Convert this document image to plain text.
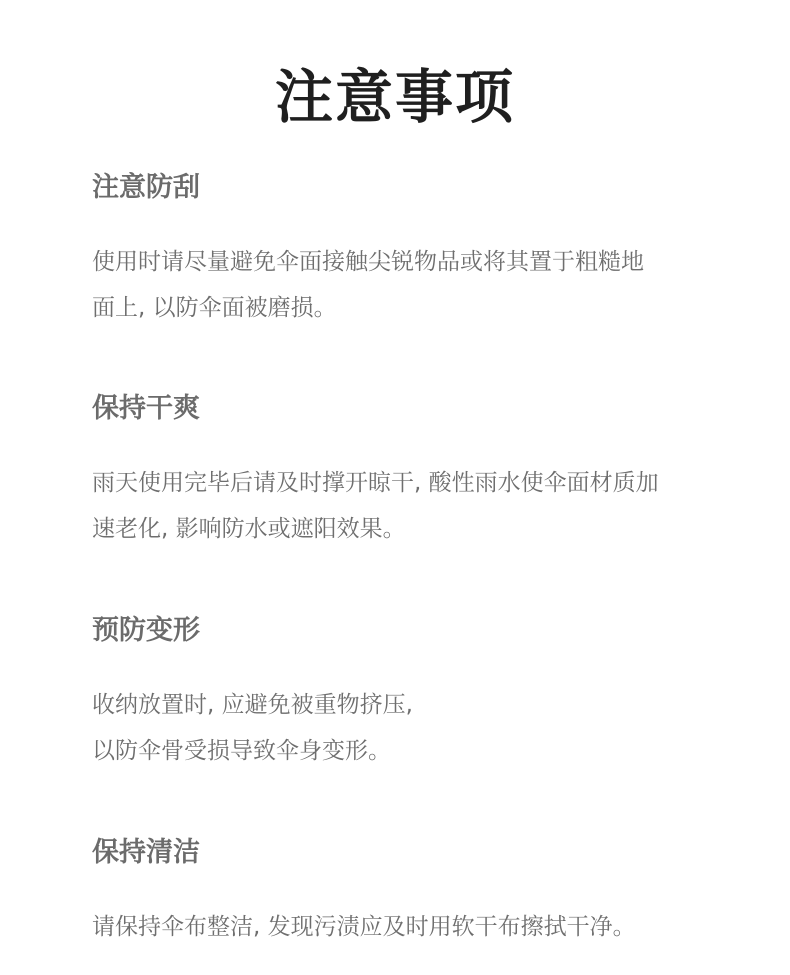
注意事项
注意防刮
使用时请尽量避免伞面接触尖锐物品或将其置于粗糙地
面上, 以防伞面被磨损。
保持干爽
雨天使用完毕后请及时撑开晾干, 酸性雨水使伞面材质加
速老化, 影响防水或遮阳效果。
预防变形
收纳放置时, 应避免被重物挤压,
以防伞骨受损导致伞身变形。
保持清洁
请保持伞布整洁, 发现污渍应及时用软干布擦拭干净。
